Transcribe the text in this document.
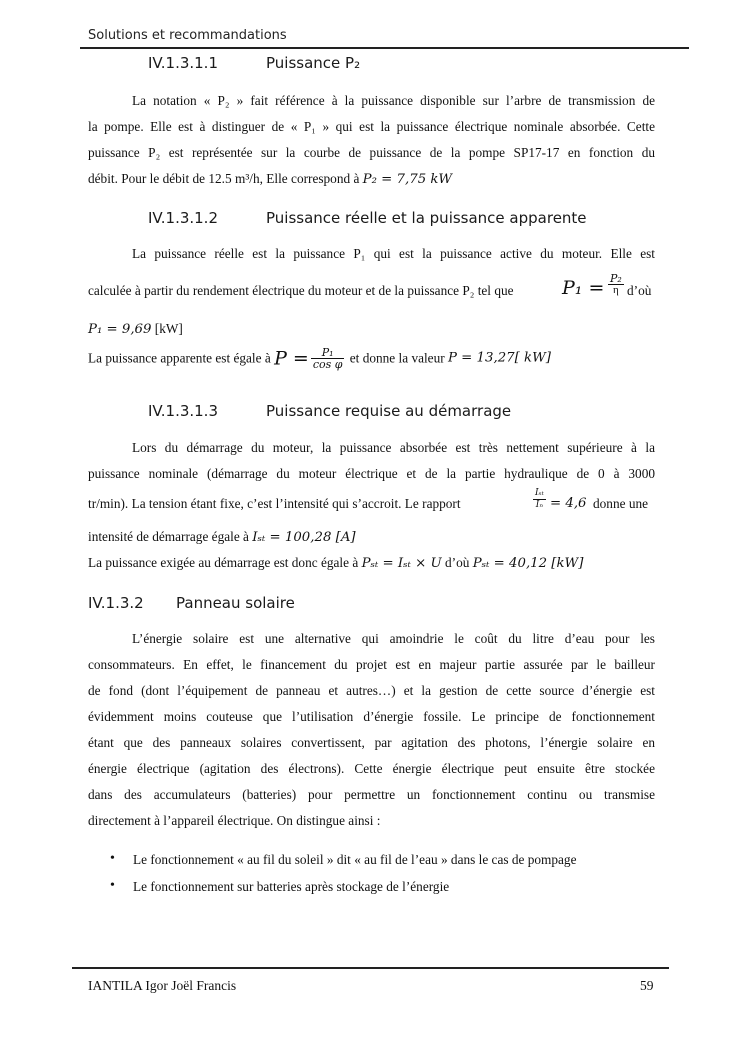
Solutions et recommandations
IV.1.3.1.1	Puissance P₂
La notation « P₂ » fait référence à la puissance disponible sur l’arbre de transmission de
la pompe. Elle est à distinguer de « P₁ » qui est la puissance électrique nominale absorbée. Cette
puissance P₂ est représentée sur la courbe de puissance de la pompe SP17-17 en fonction du
débit. Pour le débit de 12.5 m³/h, Elle correspond à P₂ = 7,75 kW
IV.1.3.1.2	Puissance réelle et la puissance apparente
La puissance réelle est la puissance P₁ qui est la puissance active du moteur. Elle est
calculée à partir du rendement électrique du moteur et de la puissance P₂ tel que	$P_1 = \frac{\text{P₂}}{\eta}$ d’où
P₁ = 9,69 [kW]
La puissance apparente est égale à $P = \frac{\text{P₁}}{\text{cos φ}}$ et donne la valeur P = 13,27[ kW]
IV.1.3.1.3	Puissance requise au démarrage
Lors du démarrage du moteur, la puissance absorbée est très nettement supérieure à la
puissance nominale (démarrage du moteur électrique et de la partie hydraulique de 0 à 3000
tr/min). La tension étant fixe, c’est l’intensité qui s’accroit. Le rapport
Iₛₜ
Iₙ = 4,6 donne une
intensité de démarrage égale à Iₛₜ = 100,28 [A]
La puissance exigée au démarrage est donc égale à Pₛₜ = Iₛₜ × U d’où Pₛₜ = 40,12 [kW]
IV.1.3.2 Panneau solaire
L’énergie solaire est une alternative qui amoindrie le coût du litre d’eau pour les
consommateurs. En effet, le financement du projet est en majeur partie assurée par le bailleur
de fond (dont l’équipement de panneau et autres…) et la gestion de cette source d’énergie est
évidemment moins couteuse que l’utilisation d’énergie fossile. Le principe de fonctionnement
étant que des panneaux solaires convertissent, par agitation des photons, l’énergie solaire en
énergie électrique (agitation des électrons). Cette énergie électrique peut ensuite être stockée
dans des accumulateurs (batteries) pour permettre un fonctionnement continu ou transmise
directement à l’appareil électrique. On distingue ainsi :
• Le fonctionnement « au fil du soleil » dit « au fil de l’eau » dans le cas de pompage
• Le fonctionnement sur batteries après stockage de l’énergie
IANTILA Igor Joël Francis	59
